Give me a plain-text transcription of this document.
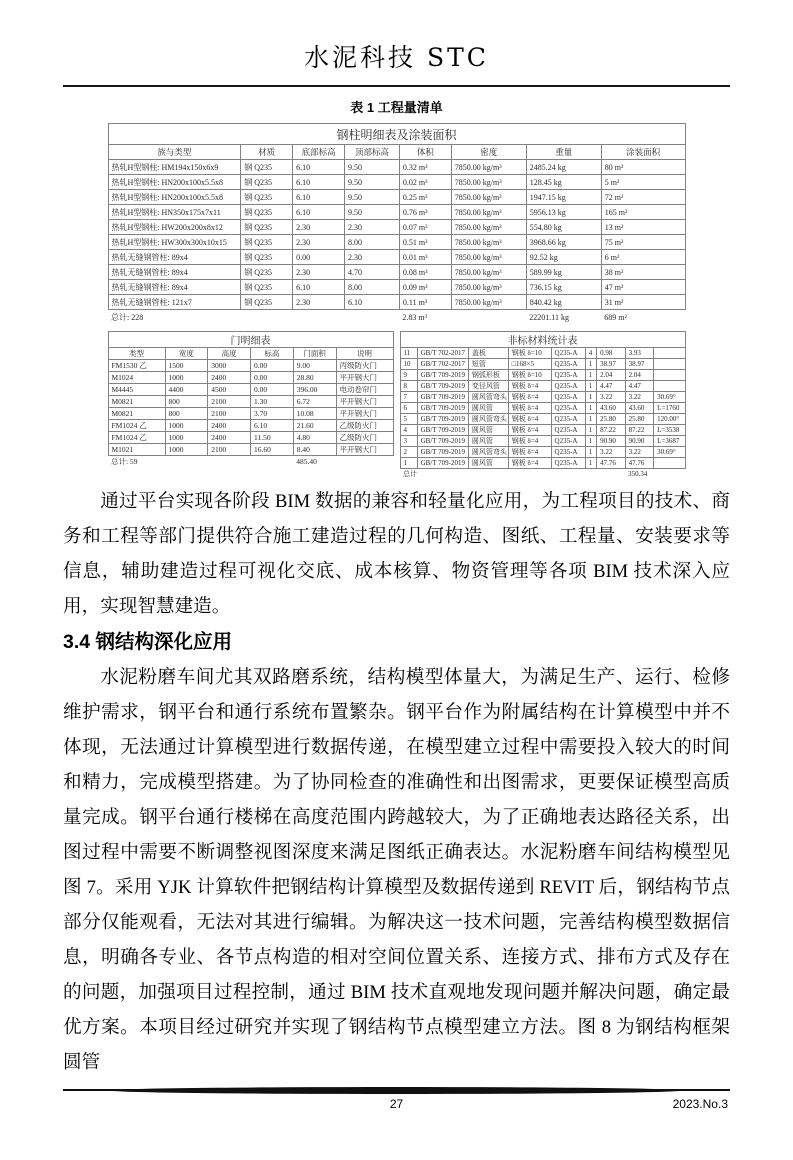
水泥科技 STC
表 1 工程量清单
钢柱明细表及涂装面积							
族与类型	材质	底部标高	顶部标高	体积	密度	重量	涂装面积
热轧H型钢柱: HM194x150x6x9	钢 Q235	6.10	9.50	0.32 m³	7850.00 kg/m³	2485.24 kg	80 m²
热轧H型钢柱: HN200x100x5.5x8	钢 Q235	6.10	9.50	0.02 m³	7850.00 kg/m³	128.45 kg	5 m²
热轧H型钢柱: HN200x100x5.5x8	钢 Q235	6.10	9.50	0.25 m³	7850.00 kg/m³	1947.15 kg	72 m²
热轧H型钢柱: HN350x175x7x11	钢 Q235	6.10	9.50	0.76 m³	7850.00 kg/m³	5956.13 kg	165 m²
热轧H型钢柱: HW200x200x8x12	钢 Q235	2.30	2.30	0.07 m³	7850.00 kg/m³	554.80 kg	13 m²
热轧H型钢柱: HW300x300x10x15	钢 Q235	2.30	8.00	0.51 m³	7850.00 kg/m³	3968.66 kg	75 m²
热轧无缝钢管柱: 89x4	钢 Q235	0.00	2.30	0.01 m³	7850.00 kg/m³	92.52 kg	6 m²
热轧无缝钢管柱: 89x4	钢 Q235	2.30	4.70	0.08 m³	7850.00 kg/m³	589.99 kg	38 m²
热轧无缝钢管柱: 89x4	钢 Q235	6.10	8.00	0.09 m³	7850.00 kg/m³	736.15 kg	47 m²
热轧无缝钢管柱: 121x7	钢 Q235	2.30	6.10	0.11 m³	7850.00 kg/m³	840.42 kg	31 m²
总计: 228				2.83 m³		22201.11 kg	689 m²
门明细表					
类型	宽度	高度	标高	门面积	说明
FM1530 乙	1500	3000	0.00	9.00	丙级防火门
M1024	1000	2400	0.00	28.80	平开钢大门
M4445	4400	4500	0.00	396.00	电动卷帘门
M0821	800	2100	1.30	6.72	平开钢大门
M0821	800	2100	3.70	10.08	平开钢大门
FM1024 乙	1000	2400	6.10	21.60	乙级防火门
FM1024 乙	1000	2400	11.50	4.80	乙级防火门
M1021	1000	2100	16.60	8.40	平开钢大门
总计: 59				485.40	
非标材料统计表								
11	GB/T 702-2017	盖板	钢板 δ=10	Q235-A	4	0.98	3.93	
10	GB/T 702-2017	短管	□168×5	Q235-A	1	38.97	38.97	
9	GB/T 709-2019	钢弧形板	钢板 δ=10	Q235-A	1	2.04	2.04	
8	GB/T 709-2019	变径风管	钢板 δ=4	Q235-A	1	4.47	4.47	
7	GB/T 709-2019	圆风管弯头	钢板 δ=4	Q235-A	1	3.22	3.22	30.69°
6	GB/T 709-2019	圆风管	钢板 δ=4	Q235-A	1	43.60	43.60	L=1760
5	GB/T 709-2019	圆风管弯头	钢板 δ=4	Q235-A	1	25.80	25.80	120.00°
4	GB/T 709-2019	圆风管	钢板 δ=4	Q235-A	1	87.22	87.22	L=3538
3	GB/T 709-2019	圆风管	钢板 δ=4	Q235-A	1	90.90	90.90	L=3687
2	GB/T 709-2019	圆风管弯头	钢板 δ=4	Q235-A	1	3.22	3.22	30.69°
1	GB/T 709-2019	圆风管	钢板 δ=4	Q235-A	1	47.76	47.76	
总计							350.34	

通过平台实现各阶段 BIM 数据的兼容和轻量化应用，为工程项目的技术、商务和工程等部门提供符合施工建造过程的几何构造、图纸、工程量、安装要求等信息，辅助建造过程可视化交底、成本核算、物资管理等各项 BIM 技术深入应用，实现智慧建造。

3.4 钢结构深化应用

水泥粉磨车间尤其双路磨系统，结构模型体量大，为满足生产、运行、检修维护需求，钢平台和通行系统布置繁杂。钢平台作为附属结构在计算模型中并不体现，无法通过计算模型进行数据传递，在模型建立过程中需要投入较大的时间和精力，完成模型搭建。为了协同检查的准确性和出图需求，更要保证模型高质量完成。钢平台通行楼梯在高度范围内跨越较大，为了正确地表达路径关系，出图过程中需要不断调整视图深度来满足图纸正确表达。水泥粉磨车间结构模型见图 7。采用 YJK 计算软件把钢结构计算模型及数据传递到 REVIT 后，钢结构节点部分仅能观看，无法对其进行编辑。为解决这一技术问题，完善结构模型数据信息，明确各专业、各节点构造的相对空间位置关系、连接方式、排布方式及存在的问题，加强项目过程控制，通过 BIM 技术直观地发现问题并解决问题，确定最优方案。本项目经过研究并实现了钢结构节点模型建立方法。图 8 为钢结构框架圆管

27	2023.No.3
